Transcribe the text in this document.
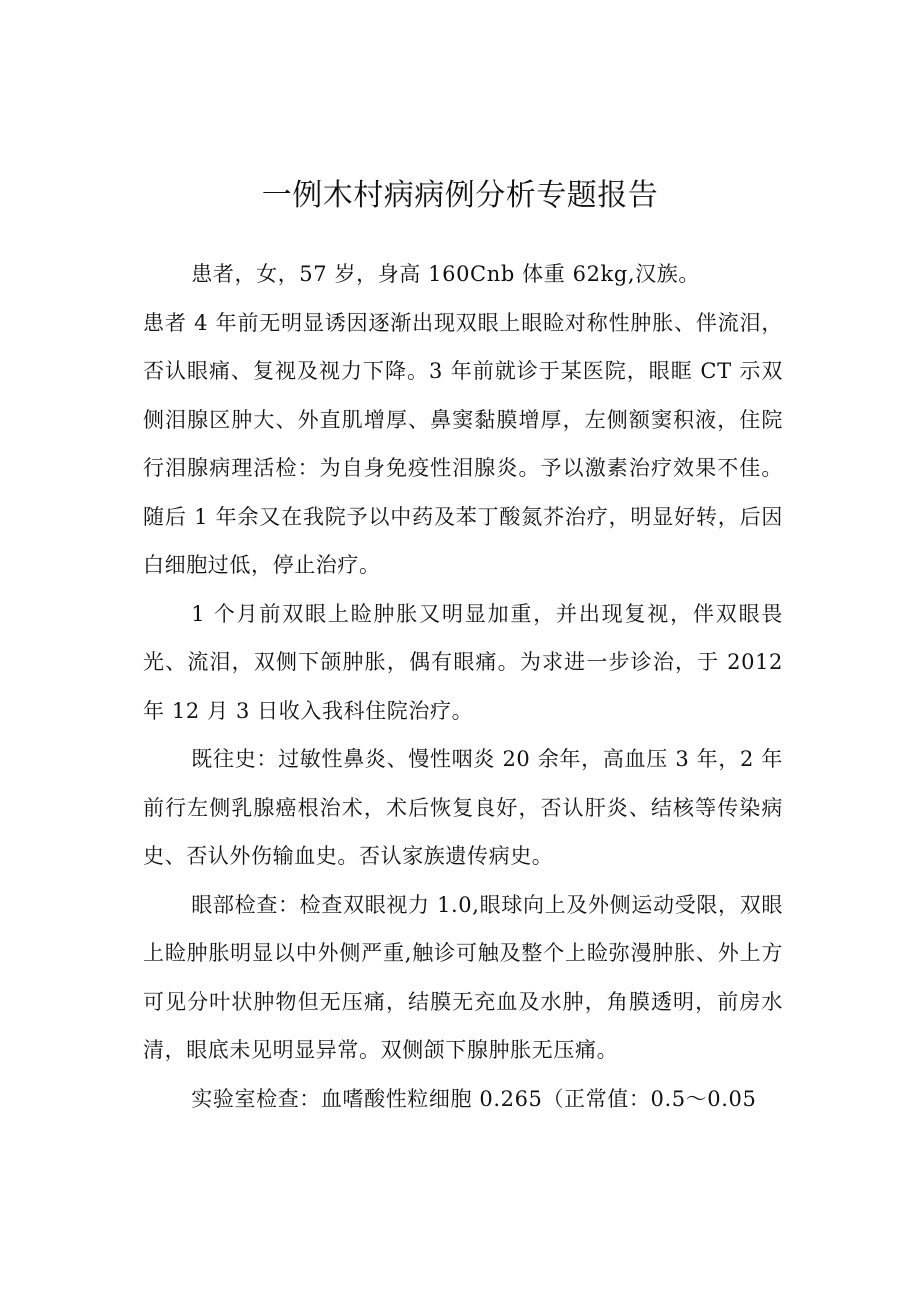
一例木村病病例分析专题报告

患者，女，57 岁，身高 160Cnb 体重 62kg,汉族。

患者 4 年前无明显诱因逐渐出现双眼上眼睑对称性肿胀、伴流泪，否认眼痛、复视及视力下降。3 年前就诊于某医院，眼眶 CT 示双侧泪腺区肿大、外直肌增厚、鼻窦黏膜增厚，左侧额窦积液，住院行泪腺病理活检：为自身免疫性泪腺炎。予以激素治疗效果不佳。随后 1 年余又在我院予以中药及苯丁酸氮芥治疗，明显好转，后因白细胞过低，停止治疗。

1 个月前双眼上睑肿胀又明显加重，并出现复视，伴双眼畏光、流泪，双侧下颌肿胀，偶有眼痛。为求进一步诊治，于 2012 年 12 月 3 日收入我科住院治疗。

既往史：过敏性鼻炎、慢性咽炎 20 余年，高血压 3 年，2 年前行左侧乳腺癌根治术，术后恢复良好，否认肝炎、结核等传染病史、否认外伤输血史。否认家族遗传病史。

眼部检查：检查双眼视力 1.0,眼球向上及外侧运动受限，双眼上睑肿胀明显以中外侧严重,触诊可触及整个上睑弥漫肿胀、外上方可见分叶状肿物但无压痛，结膜无充血及水肿，角膜透明，前房水清，眼底未见明显异常。双侧颌下腺肿胀无压痛。

实验室检查：血嗜酸性粒细胞 0.265（正常值：0.5～0.05
